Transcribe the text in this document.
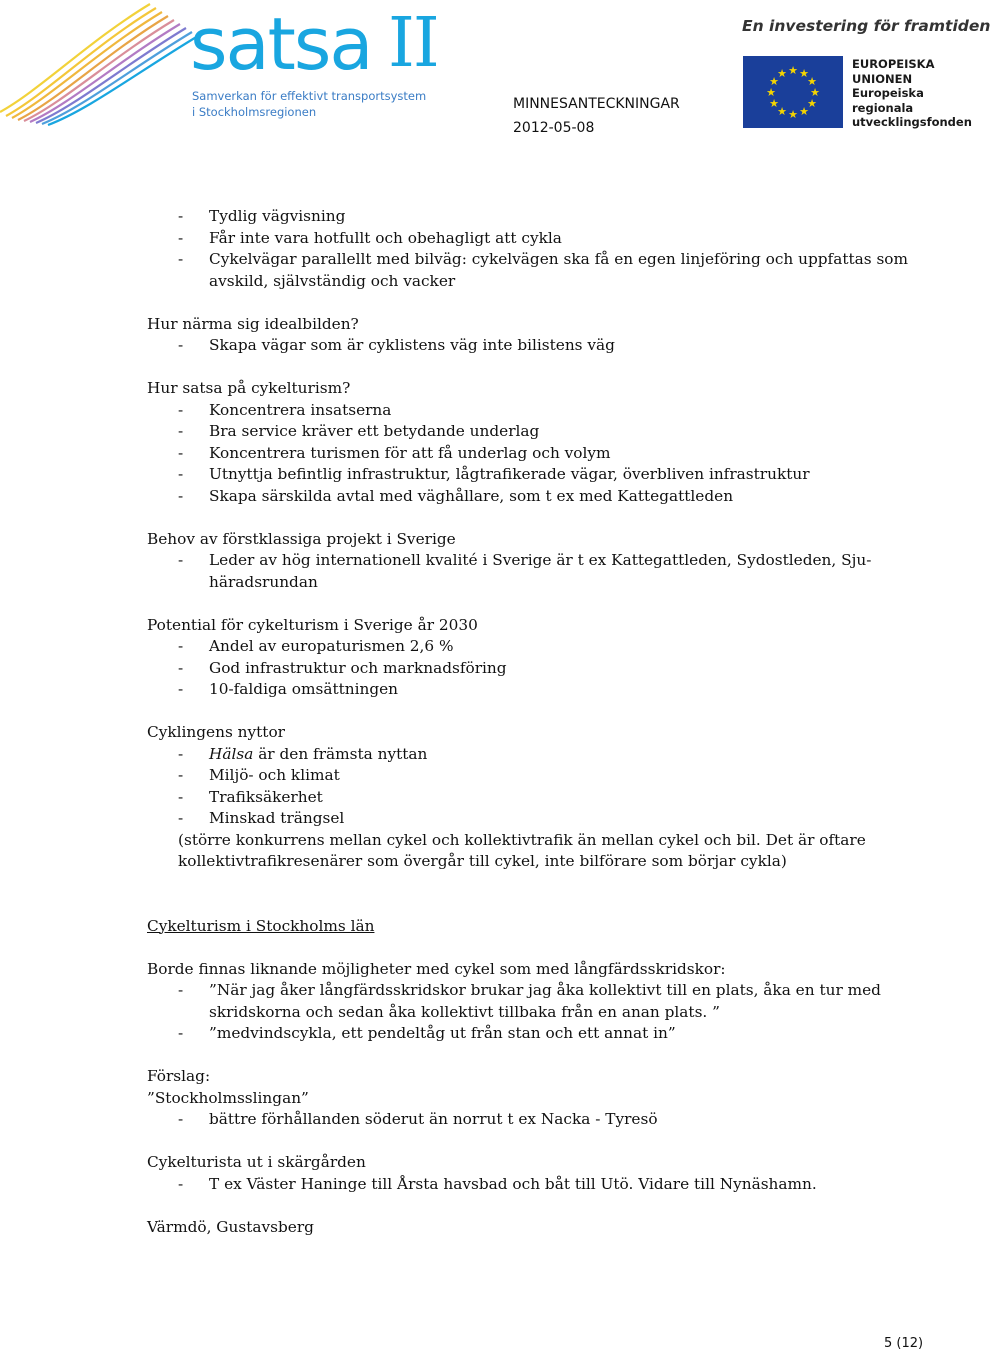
satsa II
Samverkan för effektivt transportsystem
i Stockholmsregionen	MINNESANTECKNINGAR
2012-05-08
En investering för framtiden
★ ★
★
★
★
★
★
★
★
★
★
★
EUROPEISKA
UNIONEN
Europeiska
regionala
utvecklingsfonden
- Tydlig vägvisning
- Får inte vara hotfullt och obehagligt att cykla
- Cykelvägar parallellt med bilväg: cykelvägen ska få en egen linjeföring och uppfattas som avskild, självständig och vacker
Hur närma sig idealbilden?
- Skapa vägar som är cyklistens väg inte bilistens väg
Hur satsa på cykelturism?
- Koncentrera insatserna
- Bra service kräver ett betydande underlag
- Koncentrera turismen för att få underlag och volym
- Utnyttja befintlig infrastruktur, lågtrafikerade vägar, överbliven infrastruktur
- Skapa särskilda avtal med väghållare, som t ex med Kattegattleden
Behov av förstklassiga projekt i Sverige
- Leder av hög internationell kvalité i Sverige är t ex Kattegattleden, Sydostleden, Sju-häradsrundan
Potential för cykelturism i Sverige år 2030
- Andel av europaturismen 2,6 %
- God infrastruktur och marknadsföring
- 10-faldiga omsättningen
Cyklingens nyttor
- Hälsa är den främsta nyttan
- Miljö- och klimat
- Trafiksäkerhet
- Minskad trängsel
(större konkurrens mellan cykel och kollektivtrafik än mellan cykel och bil. Det är oftare kollektivtrafikresenärer som övergår till cykel, inte bilförare som börjar cykla)
Cykelturism i Stockholms län
Borde finnas liknande möjligheter med cykel som med långfärdsskridskor:
- ”När jag åker långfärdsskridskor brukar jag åka kollektivt till en plats, åka en tur med skridskorna och sedan åka kollektivt tillbaka från en anan plats. ”
- ”medvindscykla, ett pendeltåg ut från stan och ett annat in”
Förslag:
”Stockholmsslingan”
- bättre förhållanden söderut än norrut t ex Nacka - Tyresö
Cykelturista ut i skärgården
- T ex Väster Haninge till Årsta havsbad och båt till Utö. Vidare till Nynäshamn.
Värmdö, Gustavsberg
5 (12)
